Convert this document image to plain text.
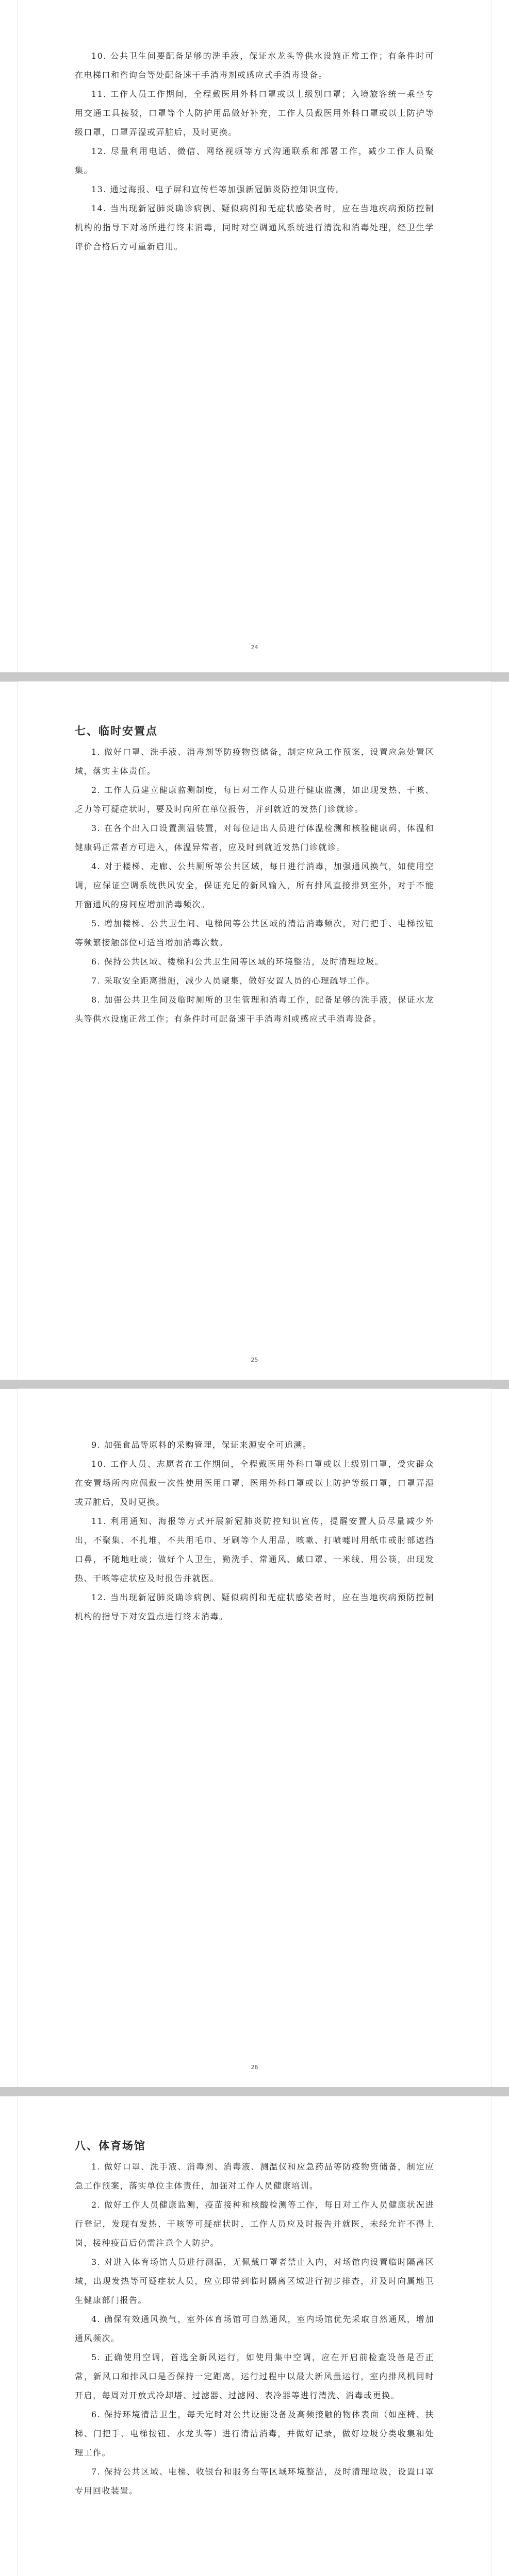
10. 公共卫生间要配备足够的洗手液，保证水龙头等供水设施正常工作；有条件时可在电梯口和咨询台等处配备速干手消毒剂或感应式手消毒设备。

11. 工作人员工作期间，全程戴医用外科口罩或以上级别口罩；入境旅客统一乘坐专用交通工具接驳，口罩等个人防护用品做好补充，工作人员戴医用外科口罩或以上防护等级口罩，口罩弄湿或弄脏后，及时更换。

12. 尽量利用电话、微信、网络视频等方式沟通联系和部署工作，减少工作人员聚集。

13. 通过海报、电子屏和宣传栏等加强新冠肺炎防控知识宣传。

14. 当出现新冠肺炎确诊病例、疑似病例和无症状感染者时，应在当地疾病预防控制机构的指导下对场所进行终末消毒，同时对空调通风系统进行清洗和消毒处理，经卫生学评价合格后方可重新启用。

24
七、临时安置点

1. 做好口罩、洗手液、消毒剂等防疫物资储备，制定应急工作预案，设置应急处置区域，落实主体责任。

2. 工作人员建立健康监测制度，每日对工作人员进行健康监测，如出现发热、干咳、乏力等可疑症状时，要及时向所在单位报告，并到就近的发热门诊就诊。

3. 在各个出入口设置测温装置，对每位进出人员进行体温检测和核验健康码，体温和健康码正常者方可进入，体温异常者，应及时到就近发热门诊就诊。

4. 对于楼梯、走廊、公共厕所等公共区域，每日进行消毒，加强通风换气，如使用空调，应保证空调系统供风安全，保证充足的新风输入，所有排风直接排到室外，对于不能开窗通风的房间应增加消毒频次。

5. 增加楼梯、公共卫生间、电梯间等公共区域的清洁消毒频次，对门把手、电梯按钮等频繁接触部位可适当增加消毒次数。

6. 保持公共区域、楼梯和公共卫生间等区域的环境整洁，及时清理垃圾。

7. 采取安全距离措施，减少人员聚集，做好安置人员的心理疏导工作。

8. 加强公共卫生间及临时厕所的卫生管理和消毒工作，配备足够的洗手液，保证水龙头等供水设施正常工作；有条件时可配备速干手消毒剂或感应式手消毒设备。

25

9. 加强食品等原料的采购管理，保证来源安全可追溯。

10. 工作人员、志愿者在工作期间，全程戴医用外科口罩或以上级别口罩，受灾群众在安置场所内应佩戴一次性使用医用口罩、医用外科口罩或以上防护等级口罩，口罩弄湿或弄脏后，及时更换。

11. 利用通知、海报等方式开展新冠肺炎防控知识宣传，提醒安置人员尽量减少外出，不聚集、不扎堆，不共用毛巾、牙刷等个人用品，咳嗽、打喷嚏时用纸巾或肘部遮挡口鼻，不随地吐痰；做好个人卫生，勤洗手、常通风、戴口罩、一米线、用公筷，出现发热、干咳等症状应及时报告并就医。

12. 当出现新冠肺炎确诊病例、疑似病例和无症状感染者时，应在当地疾病预防控制机构的指导下对安置点进行终末消毒。

26
八、体育场馆

1. 做好口罩、洗手液、消毒剂、消毒液、测温仪和应急药品等防疫物资储备，制定应急工作预案，落实单位主体责任，加强对工作人员健康培训。

2. 做好工作人员健康监测，疫苗接种和核酸检测等工作，每日对工作人员健康状况进行登记，发现有发热、干咳等可疑症状时，工作人员应及时报告并就医，未经允许不得上岗，接种疫苗后仍需注意个人防护。

3. 对进入体育场馆人员进行测温，无佩戴口罩者禁止入内，对场馆内设置临时隔离区域，出现发热等可疑症状人员，应立即带到临时隔离区域进行初步排查，并及时向属地卫生健康部门报告。

4. 确保有效通风换气，室外体育场馆可自然通风，室内场馆优先采取自然通风，增加通风频次。

5. 正确使用空调，首选全新风运行，如使用集中空调，应在开启前检查设备是否正常，新风口和排风口是否保持一定距离，运行过程中以最大新风量运行，室内排风机同时开启，每周对开放式冷却塔、过滤器、过滤网、表冷器等进行清洗、消毒或更换。

6. 保持环境清洁卫生，每天定时对公共设施设备及高频接触的物体表面（如座椅、扶梯、门把手、电梯按钮、水龙头等）进行清洁消毒，并做好记录，做好垃圾分类收集和处理工作。

7. 保持公共区域、电梯、收银台和服务台等区域环境整洁，及时清理垃圾，设置口罩专用回收装置。
